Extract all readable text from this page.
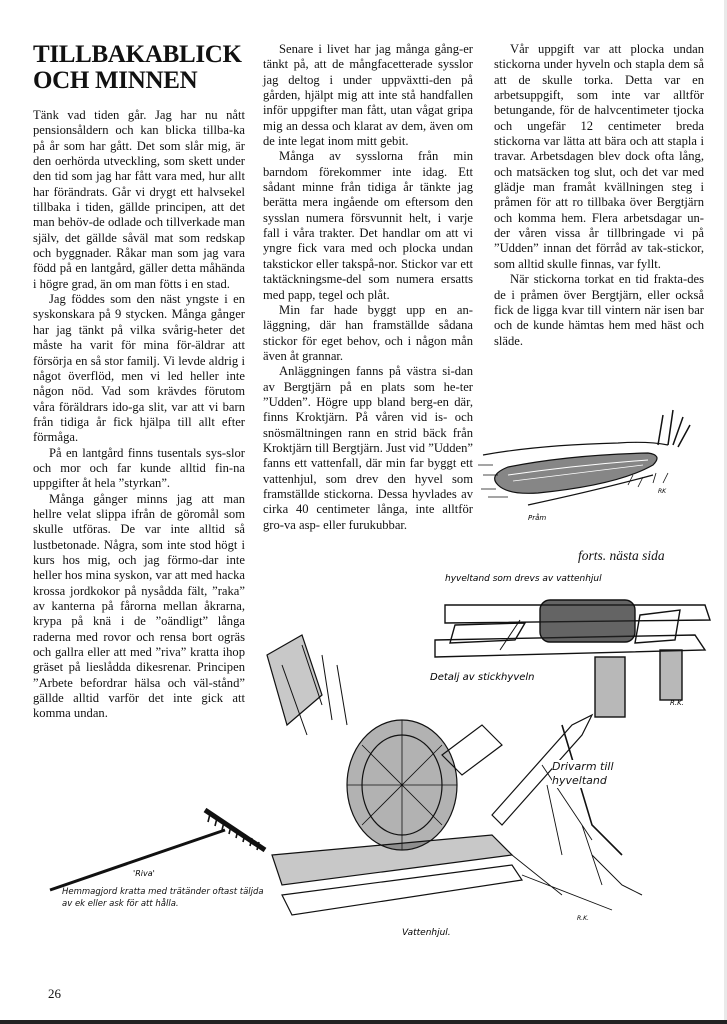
TILLBAKABLICK
OCH MINNEN

Tänk vad tiden går. Jag har nu nått pensionsåldern och kan blicka tillba-ka på år som har gått. Det som slår mig, är den oerhörda utveckling, som skett under den tid som jag har fått vara med, hur allt har förändrats. Går vi drygt ett halvsekel tillbaka i tiden, gällde principen, att det man behöv-de odlade och tillverkade man själv, det gällde såväl mat som redskap och byggnader. Råkar man som jag vara född på en lantgård, gäller detta måhända i högre grad, än om man fötts i en stad.

Jag föddes som den näst yngste i en syskonskara på 9 stycken. Många gånger har jag tänkt på vilka svårig-heter det måste ha varit för mina för-äldrar att försörja en så stor familj. Vi levde aldrig i något överflöd, men vi led heller inte någon nöd. Vad som krävdes förutom våra föräldrars ido-ga slit, var att vi barn från tidiga år fick hjälpa till allt efter förmåga.

På en lantgård finns tusentals sys-slor och mor och far kunde alltid fin-na uppgifter åt hela ”styrkan”.

Många gånger minns jag att man hellre velat slippa ifrån de göromål som skulle utföras. De var inte alltid så lustbetonade. Några, som inte stod högt i kurs hos mig, och jag förmo-dar inte heller hos mina syskon, var att med hacka krossa jordkokor på nysådda fält, ”raka” av kanterna på fårorna mellan åkrarna, krypa på knä i de ”oändligt” långa raderna med rovor och rensa bort ogräs och gallra eller att med ”riva” kratta ihop gräset på lieslådda dikesrenar. Principen ”Arbete befordrar hälsa och väl-stånd” gällde alltid varför det inte gick att komma undan.

Senare i livet har jag många gång-er tänkt på, att de mångfacetterade sysslor jag deltog i under uppväxtti-den på gården, hjälpt mig att inte stå handfallen inför uppgifter man fått, utan vågat gripa mig an dessa och klarat av dem, även om de inte legat inom mitt gebit.

Många av sysslorna från min barndom förekommer inte idag. Ett sådant minne från tidiga år tänkte jag berätta mera ingående om eftersom den sysslan numera försvunnit helt, i varje fall i våra trakter. Det handlar om att vi yngre fick vara med och plocka undan takstickor eller takspå-nor. Stickor var ett taktäckningsme-del som numera ersatts med papp, tegel och plåt.

Min far hade byggt upp en an-läggning, där han framställde sådana stickor för eget behov, och i någon mån även åt grannar.

Anläggningen fanns på västra si-dan av Bergtjärn på en plats som he-ter ”Udden”. Högre upp bland berg-en där, finns Kroktjärn. På våren vid is- och snösmältningen rann en strid bäck från Kroktjärn till Bergtjärn. Just vid ”Udden” fanns ett vattenfall, där min far byggt ett vattenhjul, som drev den hyvel som framställde stickorna. Dessa hyvlades av cirka 40 centimeter långa, inte alltför gro-va asp- eller furukubbar.

Vår uppgift var att plocka undan stickorna under hyveln och stapla dem så att de skulle torka. Detta var en arbetsuppgift, som inte var alltför betungande, för de halvcentimeter tjocka och ungefär 12 centimeter breda stickorna var lätta att bära och att stapla i travar. Arbetsdagen blev dock ofta lång, och matsäcken tog slut, och det var med glädje man framåt kvällningen steg i pråmen för att ro tillbaka över Bergtjärn och komma hem. Flera arbetsdagar un-der våren vissa år tillbringade vi på ”Udden” innan det förråd av tak-stickor, som alltid skulle finnas, var fyllt.

När stickorna torkat en tid frakta-des de i pråmen över Bergtjärn, eller också fick de ligga kvar till vintern när isen bar och de kunde hämtas hem med häst och släde.

Pråm
RK
forts. nästa sida
hyveltand som drevs av vattenhjul
Detalj av stickhyveln
R.K.
Vattenhjul.
R.K.
Drivarm till hyveltand
'Riva'
Hemmagjord kratta med trätänder oftast täljda av ek eller ask för att hålla.
26
